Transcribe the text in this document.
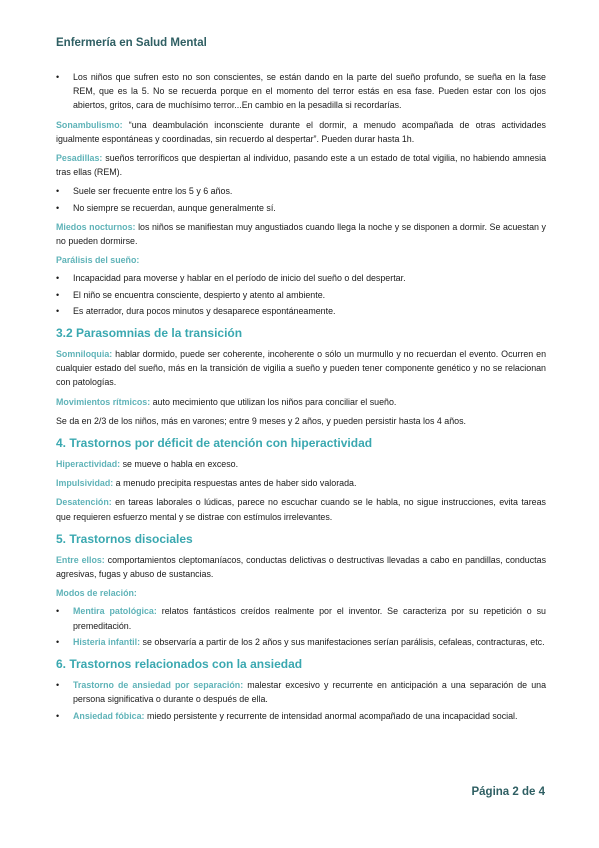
Enfermería en Salud Mental
• Los niños que sufren esto no son conscientes, se están dando en la parte del sueño profundo, se sueña en la fase REM, que es la 5. No se recuerda porque en el momento del terror estás en esa fase. Pueden estar con los ojos abiertos, gritos, cara de muchísimo terror...En cambio en la pesadilla si recordarías.

Sonambulismo: “una deambulación inconsciente durante el dormir, a menudo acompañada de otras actividades igualmente espontáneas y coordinadas, sin recuerdo al despertar”. Pueden durar hasta 1h.

Pesadillas: sueños terroríficos que despiertan al individuo, pasando este a un estado de total vigilia, no habiendo amnesia tras ellas (REM).

• Suele ser frecuente entre los 5 y 6 años.
• No siempre se recuerdan, aunque generalmente sí.

Miedos nocturnos: los niños se manifiestan muy angustiados cuando llega la noche y se disponen a dormir. Se acuestan y no pueden dormirse.

Parálisis del sueño:
• Incapacidad para moverse y hablar en el período de inicio del sueño o del despertar.
• El niño se encuentra consciente, despierto y atento al ambiente.
• Es aterrador, dura pocos minutos y desaparece espontáneamente.
3.2 Parasomnias de la transición

Somniloquia: hablar dormido, puede ser coherente, incoherente o sólo un murmullo y no recuerdan el evento. Ocurren en cualquier estado del sueño, más en la transición de vigilia a sueño y pueden tener componente genético y no se relacionan con patologías.

Movimientos rítmicos: auto mecimiento que utilizan los niños para conciliar el sueño.

Se da en 2/3 de los niños, más en varones; entre 9 meses y 2 años, y pueden persistir hasta los 4 años.

4. Trastornos por déficit de atención con hiperactividad

Hiperactividad: se mueve o habla en exceso.

Impulsividad: a menudo precipita respuestas antes de haber sido valorada.

Desatención: en tareas laborales o lúdicas, parece no escuchar cuando se le habla, no sigue instrucciones, evita tareas que requieren esfuerzo mental y se distrae con estímulos irrelevantes.

5. Trastornos disociales

Entre ellos: comportamientos cleptomaníacos, conductas delictivas o destructivas llevadas a cabo en pandillas, conductas agresivas, fugas y abuso de sustancias.

Modos de relación:
• Mentira patológica: relatos fantásticos creídos realmente por el inventor. Se caracteriza por su repetición o su premeditación.
• Histeria infantil: se observaría a partir de los 2 años y sus manifestaciones serían parálisis, cefaleas, contracturas, etc.
6. Trastornos relacionados con la ansiedad
• Trastorno de ansiedad por separación: malestar excesivo y recurrente en anticipación a una separación de una persona significativa o durante o después de ella.
• Ansiedad fóbica: miedo persistente y recurrente de intensidad anormal acompañado de una incapacidad social.
Página 2 de 4
